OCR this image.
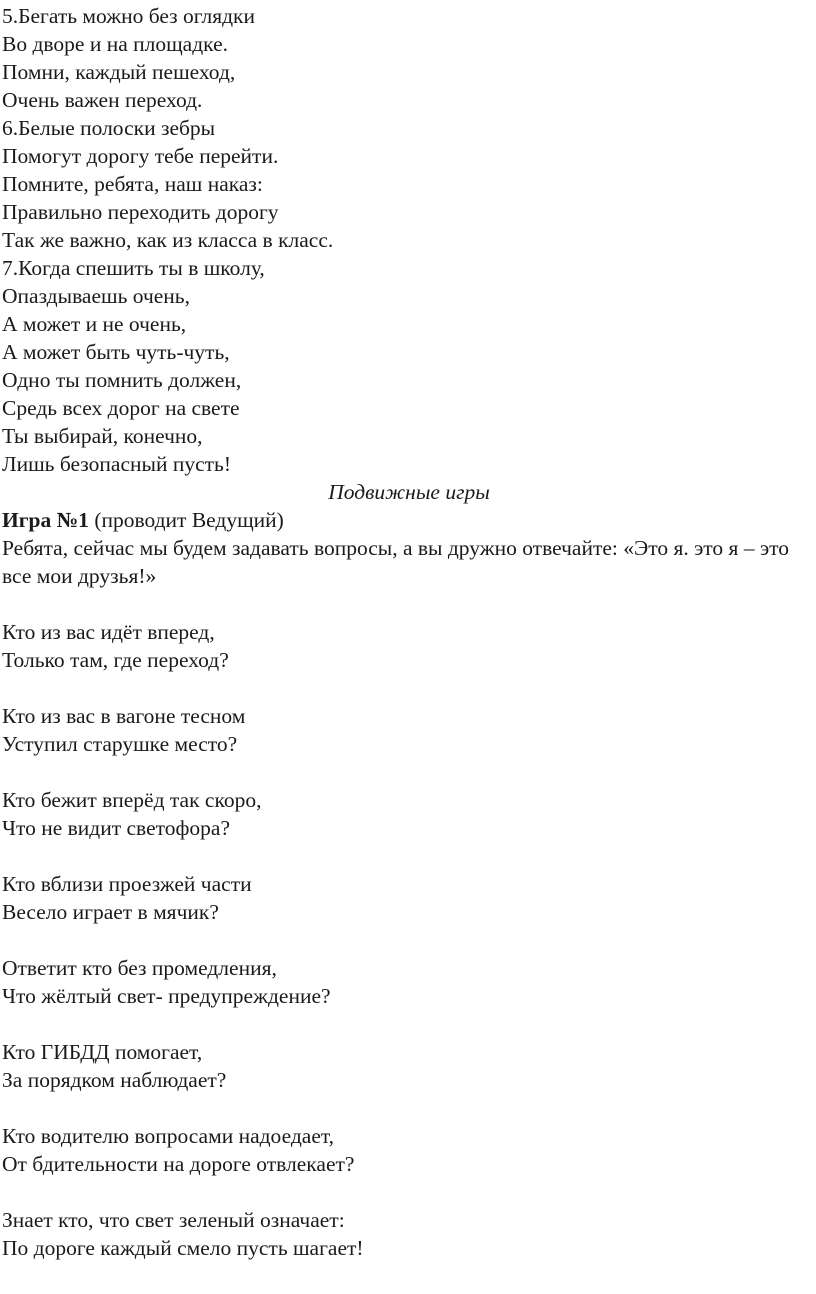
5.Бегать можно без оглядки
Во дворе и на площадке.
Помни, каждый пешеход,
Очень важен переход.
6.Белые полоски зебры
Помогут дорогу тебе перейти.
Помните, ребята, наш наказ:
Правильно переходить дорогу
Так же важно, как из класса в класс.
7.Когда спешить ты в школу,
Опаздываешь очень,
А может и не очень,
А может быть чуть-чуть,
Одно ты помнить должен,
Средь всех дорог на свете
Ты выбирай, конечно,
Лишь безопасный пусть!
Подвижные игры
Игра №1 (проводит Ведущий)
Ребята, сейчас мы будем задавать вопросы, а вы дружно отвечайте: «Это я. это я – это все мои друзья!»
Кто из вас идёт вперед,
Только там, где переход?
Кто из вас в вагоне тесном
Уступил старушке место?
Кто бежит вперёд так скоро,
Что не видит светофора?
Кто вблизи проезжей части
Весело играет в мячик?
Ответит кто без промедления,
Что жёлтый свет- предупреждение?
Кто ГИБДД помогает,
За порядком наблюдает?
Кто водителю вопросами надоедает,
От бдительности на дороге отвлекает?
Знает кто, что свет зеленый означает:
По дороге каждый смело пусть шагает!
